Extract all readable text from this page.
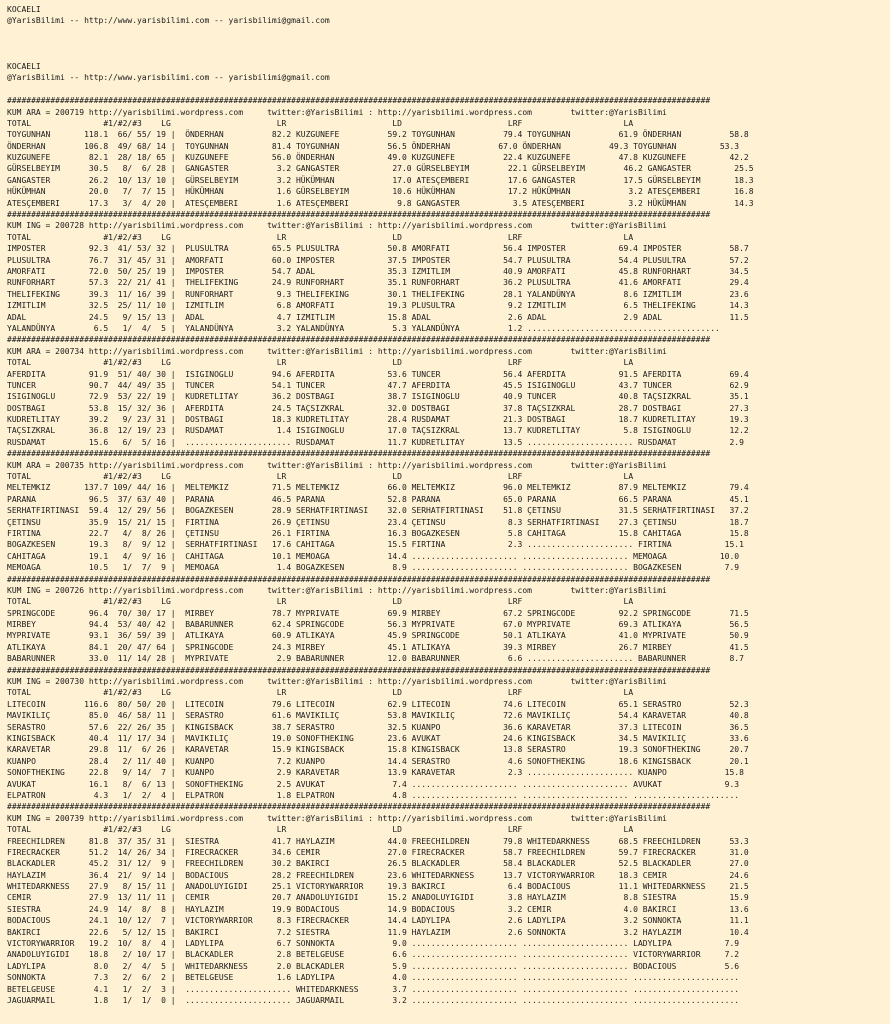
KOCAELI
@YarisBilimi -- http://www.yarisbilimi.com -- yarisbilimi@gmail.com
KOCAELI
@YarisBilimi -- http://www.yarisbilimi.com -- yarisbilimi@gmail.com
##################################################################################################################################################
KUM ARA = 200719 http://yarisbilimi.wordpress.com     twitter:@YarisBilimi : http://yarisbilimi.wordpress.com        twitter:@YarisBilimi
TOTAL               #1/#2/#3    LG                      LR                      LD                      LRF                     LA
TOYGUNHAN       118.1  66/ 55/ 19 |  ÖNDERHAN          82.2 KUZGUNEFE          59.2 TOYGUNHAN          79.4 TOYGUNHAN          61.9 ÖNDERHAN          58.8
ÖNDERHAN        106.8  49/ 68/ 14 |  TOYGUNHAN         81.4 TOYGUNHAN          56.5 ÖNDERHAN          67.0 ÖNDERHAN          49.3 TOYGUNHAN         53.3
KUZGUNEFE        82.1  28/ 18/ 65 |  KUZGUNEFE         56.0 ÖNDERHAN           49.0 KUZGUNEFE          22.4 KUZGUNEFE          47.8 KUZGUNEFE         42.2
GÜRSELBEYIM      30.5   8/  6/ 28 |  GANGASTER          3.2 GANGASTER           27.0 GÜRSELBEYIM        22.1 GÜRSELBEYIM        46.2 GANGASTER         25.5
GANGASTER        26.2  10/ 13/ 10 |  GÜRSELBEYIM        3.2 HÜKÜMHAN            17.0 ATESÇEMBERI        17.6 GANGASTER          17.5 GÜRSELBEYIM       18.3
HÜKÜMHAN         20.0   7/  7/ 15 |  HÜKÜMHAN           1.6 GÜRSELBEYIM         10.6 HÜKÜMHAN           17.2 HÜKÜMHAN            3.2 ATESÇEMBERI       16.8
ATESÇEMBERI      17.3   3/  4/ 20 |  ATESÇEMBERI        1.6 ATESÇEMBERI          9.8 GANGASTER           3.5 ATESÇEMBERI         3.2 HÜKÜMHAN          14.3
##################################################################################################################################################
KUM ING = 200728 http://yarisbilimi.wordpress.com     twitter:@YarisBilimi : http://yarisbilimi.wordpress.com        twitter:@YarisBilimi
TOTAL               #1/#2/#3    LG                      LR                      LD                      LRF                     LA
IMPOSTER         92.3  41/ 53/ 32 |  PLUSULTRA         65.5 PLUSULTRA          50.8 AMORFATI           56.4 IMPOSTER           69.4 IMPOSTER          58.7
PLUSULTRA        76.7  31/ 45/ 31 |  AMORFATI          60.0 IMPOSTER           37.5 IMPOSTER           54.7 PLUSULTRA          54.4 PLUSULTRA         57.2
AMORFATI         72.0  50/ 25/ 19 |  IMPOSTER          54.7 ADAL               35.3 IZMITLIM           40.9 AMORFATI           45.8 RUNFORHART        34.5
RUNFORHART       57.3  22/ 21/ 41 |  THELIFEKING       24.9 RUNFORHART         35.1 RUNFORHART         36.2 PLUSULTRA          41.6 AMORFATI          29.4
THELIFEKING      39.3  11/ 16/ 39 |  RUNFORHART         9.3 THELIFEKING        30.1 THELIFEKING        28.1 YALANDÜNYA          8.6 IZMITLIM          23.6
IZMITLIM         32.5  25/ 11/ 10 |  IZMITLIM           6.8 AMORFATI           19.3 PLUSULTRA           9.2 IZMITLIM            6.5 THELIFEKING       14.3
ADAL             24.5   9/ 15/ 13 |  ADAL               4.7 IZMITLIM           15.8 ADAL                2.6 ADAL                2.9 ADAL              11.5
YALANDÜNYA        6.5   1/  4/  5 |  YALANDÜNYA         3.2 YALANDÜNYA          5.3 YALANDÜNYA          1.2 ........................................
##################################################################################################################################################
KUM ARA = 200734 http://yarisbilimi.wordpress.com     twitter:@YarisBilimi : http://yarisbilimi.wordpress.com        twitter:@YarisBilimi
TOTAL               #1/#2/#3    LG                      LR                      LD                      LRF                     LA
AFERDITA         91.9  51/ 40/ 30 |  ISIGINOGLU        94.6 AFERDITA           53.6 TUNCER             56.4 AFERDITA           91.5 AFERDITA          69.4
TUNCER           90.7  44/ 49/ 35 |  TUNCER            54.1 TUNCER             47.7 AFERDITA           45.5 ISIGINOGLU         43.7 TUNCER            62.9
ISIGINOGLU       72.9  53/ 22/ 19 |  KUDRETLITAY       36.2 DOSTBAGI           38.7 ISIGINOGLU         40.9 TUNCER             40.8 TAÇSIZKRAL        35.1
DOSTBAGI         53.8  15/ 32/ 36 |  AFERDITA          24.5 TAÇSIZKRAL         32.0 DOSTBAGI           37.8 TAÇSIZKRAL         28.7 DOSTBAGI          27.3
KUDRETLITAY      39.2   9/ 23/ 31 |  DOSTBAGI          18.3 KUDRETLITAY        28.4 RUSDAMAT           21.3 DOSTBAGI           18.7 KUDRETLITAY       19.3
TAÇSIZKRAL       36.8  12/ 19/ 23 |  RUSDAMAT           1.4 ISIGINOGLU         17.0 TAÇSIZKRAL         13.7 KUDRETLITAY         5.8 ISIGINOGLU        12.2
RUSDAMAT         15.6   6/  5/ 16 |  ...................... RUSDAMAT           11.7 KUDRETLITAY        13.5 ...................... RUSDAMAT           2.9
##################################################################################################################################################
KUM ARA = 200735 http://yarisbilimi.wordpress.com     twitter:@YarisBilimi : http://yarisbilimi.wordpress.com        twitter:@YarisBilimi
TOTAL               #1/#2/#3    LG                      LR                      LD                      LRF                     LA
MELTEMKIZ       137.7 109/ 44/ 16 |  MELTEMKIZ         71.5 MELTEMKIZ          66.0 MELTEMKIZ          96.0 MELTEMKIZ          87.9 MELTEMKIZ         79.4
PARANA           96.5  37/ 63/ 40 |  PARANA            46.5 PARANA             52.8 PARANA             65.0 PARANA             66.5 PARANA            45.1
SERHATFIRTINASI  59.4  12/ 29/ 56 |  BOGAZKESEN        28.9 SERHATFIRTINASI    32.0 SERHATFIRTINASI    51.8 ÇETINSU            31.5 SERHATFIRTINASI   37.2
ÇETINSU          35.9  15/ 21/ 15 |  FIRTINA           26.9 ÇETINSU            23.4 ÇETINSU             8.3 SERHATFIRTINASI    27.3 ÇETINSU           18.7
FIRTINA          22.7   4/  8/ 26 |  ÇETINSU           26.1 FIRTINA            16.3 BOGAZKESEN          5.8 CAHITAGA           15.8 CAHITAGA          15.8
BOGAZKESEN       19.3   8/  9/ 12 |  SERHATFIRTINASI   17.6 CAHITAGA           15.5 FIRTINA             2.3 ...................... FIRTINA           15.1
CAHITAGA         19.1   4/  9/ 16 |  CAHITAGA          10.1 MEMOAGA            14.4 ...................... ...................... MEMOAGA           10.0
MEMOAGA          10.5   1/  7/  9 |  MEMOAGA            1.4 BOGAZKESEN          8.9 ...................... ...................... BOGAZKESEN         7.9
##################################################################################################################################################
KUM ING = 200726 http://yarisbilimi.wordpress.com     twitter:@YarisBilimi : http://yarisbilimi.wordpress.com        twitter:@YarisBilimi
TOTAL               #1/#2/#3    LG                      LR                      LD                      LRF                     LA
SPRINGCODE       96.4  70/ 30/ 17 |  MIRBEY            78.7 MYPRIVATE          69.9 MIRBEY             67.2 SPRINGCODE         92.2 SPRINGCODE        71.5
MIRBEY           94.4  53/ 40/ 42 |  BABARUNNER        62.4 SPRINGCODE         56.3 MYPRIVATE          67.0 MYPRIVATE          69.3 ATLIKAYA          56.5
MYPRIVATE        93.1  36/ 59/ 39 |  ATLIKAYA          60.9 ATLIKAYA           45.9 SPRINGCODE         50.1 ATLIKAYA           41.0 MYPRIVATE         50.9
ATLIKAYA         84.1  20/ 47/ 64 |  SPRINGCODE        24.3 MIRBEY             45.1 ATLIKAYA           39.3 MIRBEY             26.7 MIRBEY            41.5
BABARUNNER       33.0  11/ 14/ 28 |  MYPRIVATE          2.9 BABARUNNER         12.0 BABARUNNER          6.6 ...................... BABARUNNER         8.7
##################################################################################################################################################
KUM ING = 200730 http://yarisbilimi.wordpress.com     twitter:@YarisBilimi : http://yarisbilimi.wordpress.com        twitter:@YarisBilimi
TOTAL               #1/#2/#3    LG                      LR                      LD                      LRF                     LA
LITECOIN        116.6  80/ 50/ 20 |  LITECOIN          79.6 LITECOIN           62.9 LITECOIN           74.6 LITECOIN           65.1 SERASTRO          52.3
MAVIKILIÇ        85.0  46/ 58/ 11 |  SERASTRO          61.6 MAVIKILIÇ          53.8 MAVIKILIÇ          72.6 MAVIKILIÇ          54.4 KARAVETAR         40.8
SERASTRO         57.6  22/ 26/ 35 |  KINGISBACK        38.7 SERASTRO           32.5 KUANPO             36.6 KARAVETAR          37.3 LITECOIN          36.5
KINGISBACK       40.4  11/ 17/ 34 |  MAVIKILIÇ         19.0 SONOFTHEKING       23.6 AVUKAT             24.6 KINGISBACK         34.5 MAVIKILIÇ         33.6
KARAVETAR        29.8  11/  6/ 26 |  KARAVETAR         15.9 KINGISBACK         15.8 KINGISBACK         13.8 SERASTRO           19.3 SONOFTHEKING      20.7
KUANPO           28.4   2/ 11/ 40 |  KUANPO             7.2 KUANPO             14.4 SERASTRO            4.6 SONOFTHEKING       18.6 KINGISBACK        20.1
SONOFTHEKING     22.8   9/ 14/  7 |  KUANPO             2.9 KARAVETAR          13.9 KARAVETAR           2.3 ...................... KUANPO            15.8
AVUKAT           16.1   8/  6/ 13 |  SONOFTHEKING       2.5 AVUKAT              7.4 ...................... ...................... AVUKAT             9.3
ELPATRON          4.3   1/  2/  4 |  ELPATRON           1.8 ELPATRON            4.8 ...................... ...................... ......................
##################################################################################################################################################
KUM ING = 200739 http://yarisbilimi.wordpress.com     twitter:@YarisBilimi : http://yarisbilimi.wordpress.com        twitter:@YarisBilimi
TOTAL               #1/#2/#3    LG                      LR                      LD                      LRF                     LA
FREECHILDREN     81.8  37/ 35/ 31 |  SIESTRA           41.7 HAYLAZIM           44.0 FREECHILDREN       79.8 WHITEDARKNESS      68.5 FREECHILDREN      53.3
FIRECRACKER      51.2  14/ 26/ 34 |  FIRECRACKER       34.6 CEMIR              27.0 FIRECRACKER        58.7 FREECHILDREN       59.7 FIRECRACKER       31.0
BLACKADLER       45.2  31/ 12/  9 |  FREECHILDREN      30.2 BAKIRCI            26.5 BLACKADLER         58.4 BLACKADLER         52.5 BLACKADLER        27.0
HAYLAZIM         36.4  21/  9/ 14 |  BODACIOUS         28.2 FREECHILDREN       23.6 WHITEDARKNESS      13.7 VICTORYWARRIOR     18.3 CEMIR             24.6
WHITEDARKNESS    27.9   8/ 15/ 11 |  ANADOLUYIGIDI     25.1 VICTORYWARRIOR     19.3 BAKIRCI             6.4 BODACIOUS          11.1 WHITEDARKNESS     21.5
CEMIR            27.9  13/ 11/ 11 |  CEMIR             20.7 ANADOLUYIGIDI      15.2 ANADOLUYIGIDI       3.8 HAYLAZIM            8.8 SIESTRA           15.9
SIESTRA          24.9  14/  8/  8 |  HAYLAZIM          19.9 BODACIOUS          14.9 BODACIOUS           3.2 CEMIR               4.0 BAKIRCI           13.6
BODACIOUS        24.1  10/ 12/  7 |  VICTORYWARRIOR     8.3 FIRECRACKER        14.4 LADYLIPA            2.6 LADYLIPA            3.2 SONNOKTA          11.1
BAKIRCI          22.6   5/ 12/ 15 |  BAKIRCI            7.2 SIESTRA            11.9 HAYLAZIM            2.6 SONNOKTA            3.2 HAYLAZIM          10.4
VICTORYWARRIOR   19.2  10/  8/  4 |  LADYLIPA           6.7 SONNOKTA            9.0 ...................... ...................... LADYLIPA           7.9
ANADOLUYIGIDI    18.8   2/ 10/ 17 |  BLACKADLER         2.8 BETELGEUSE          6.6 ...................... ...................... VICTORYWARRIOR     7.2
LADYLIPA          8.0   2/  4/  5 |  WHITEDARKNESS      2.0 BLACKADLER          5.9 ...................... ...................... BODACIOUS          5.6
SONNOKTA          7.3   2/  6/  2 |  BETELGEUSE         1.6 LADYLIPA            4.0 ...................... ...................... ......................
BETELGEUSE        4.1   1/  2/  3 |  ...................... WHITEDARKNESS       3.7 ...................... ...................... ......................
JAGUARMAIL        1.8   1/  1/  0 |  ...................... JAGUARMAIL          3.2 ...................... ...................... ......................
